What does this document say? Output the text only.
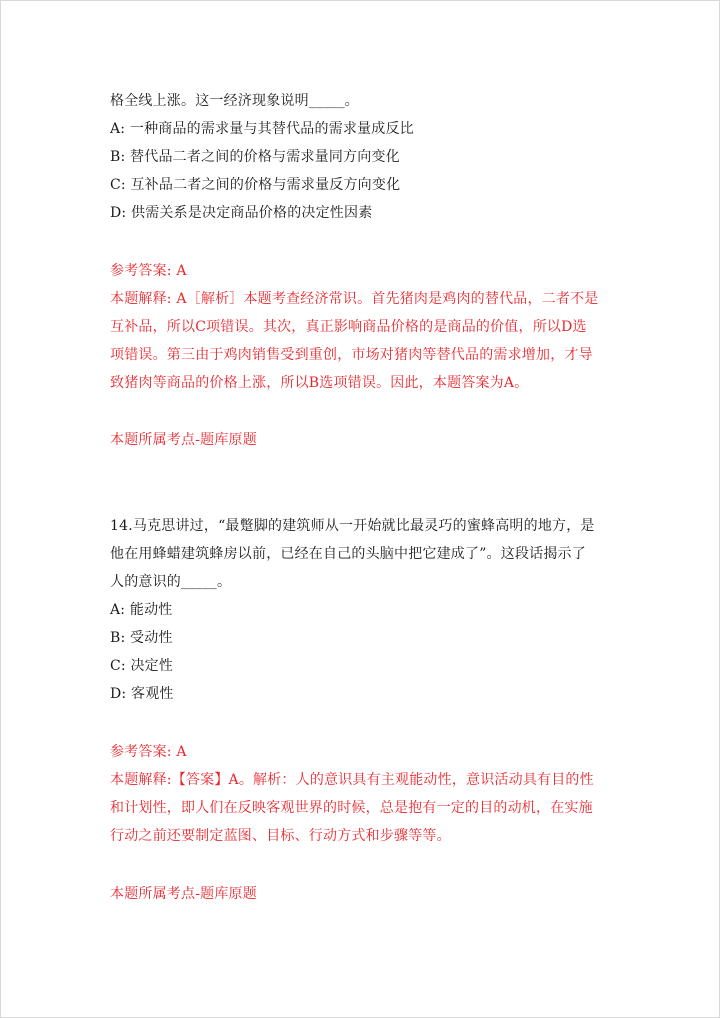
格全线上涨。这一经济现象说明_____。
A: 一种商品的需求量与其替代品的需求量成反比
B: 替代品二者之间的价格与需求量同方向变化
C: 互补品二者之间的价格与需求量反方向变化
D: 供需关系是决定商品价格的决定性因素
参考答案: A
本题解释: A［解析］本题考查经济常识。首先猪肉是鸡肉的替代品，二者不是
互补品，所以C项错误。其次，真正影响商品价格的是商品的价值，所以D选
项错误。第三由于鸡肉销售受到重创，市场对猪肉等替代品的需求增加，才导
致猪肉等商品的价格上涨，所以B选项错误。因此，本题答案为A。
本题所属考点-题库原题
14.马克思讲过，“最蹩脚的建筑师从一开始就比最灵巧的蜜蜂高明的地方，是
他在用蜂蜡建筑蜂房以前，已经在自己的头脑中把它建成了”。这段话揭示了
人的意识的_____。
A: 能动性
B: 受动性
C: 决定性
D: 客观性
参考答案: A
本题解释:【答案】A。解析：人的意识具有主观能动性，意识活动具有目的性
和计划性，即人们在反映客观世界的时候，总是抱有一定的目的动机，在实施
行动之前还要制定蓝图、目标、行动方式和步骤等等。
本题所属考点-题库原题
